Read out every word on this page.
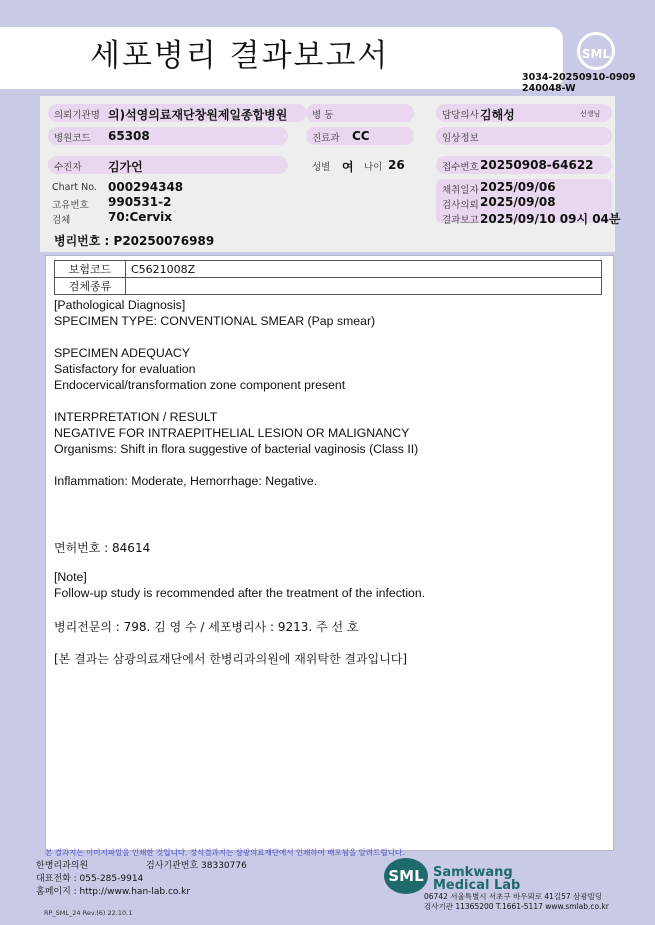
세포병리 결과보고서	SML
3034-20250910-0909
240048-W
의뢰기관명 의)석영의료재단창원제일종합병원	병 동	담당의사 김해성	선생님
병원코드 65308	진료과 CC	임상정보
수진자 김가언	성별 여 나이 26	접수번호 20250908-64622
Chart No. 000294348
고유번호 990531-2
검체	70:Cervix
채취일자 2025/09/06
검사의뢰 2025/09/08
결과보고 2025/09/10 09시 04분
병리번호 : P20250076989
보험코드	C5621008Z
검체종류	
[Pathological Diagnosis]
SPECIMEN TYPE: CONVENTIONAL SMEAR (Pap smear)
SPECIMEN ADEQUACY
Satisfactory for evaluation
Endocervical/transformation zone component present
INTERPRETATION / RESULT
NEGATIVE FOR INTRAEPITHELIAL LESION OR MALIGNANCY
Organisms: Shift in flora suggestive of bacterial vaginosis (Class II)
Inflammation: Moderate, Hemorrhage: Negative.
면허번호 : 84614
[Note]
Follow-up study is recommended after the treatment of the infection.
병리전문의 : 798. 김 영 수 / 세포병리사 : 9213. 주 선 호
[본 결과는 삼광의료재단에서 한병리과의원에 재위탁한 결과입니다]
본 결과지는 이미지파일을 인쇄한 것입니다. 정식결과지는 삼광의료재단에서 인쇄하여 배포됨을 알려드립니다.
한병리과의원	검사기관번호 38330776
대표전화 : 055-285-9914
홈페이지 : http://www.han-lab.co.kr
SML Samkwang
Medical Lab
06742 서울특별시 서초구 바우뫼로 41길57 삼광빌딩
검사기관 11365200 T.1661-5117 www.smlab.co.kr
RP_SML_24 Rev.(6) 22.10.1
